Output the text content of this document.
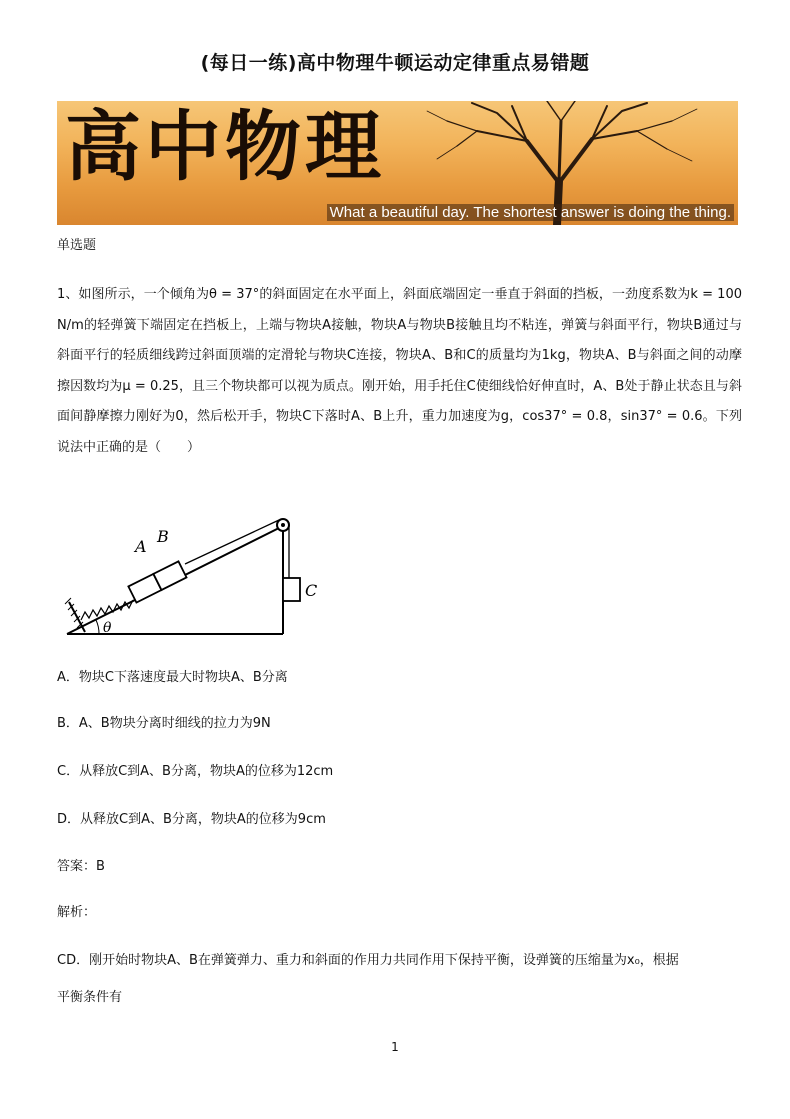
(每日一练)高中物理牛顿运动定律重点易错题
高中物理
What a beautiful day. The shortest answer is doing the thing.
单选题
1、如图所示，一个倾角为θ = 37°的斜面固定在水平面上，斜面底端固定一垂直于斜面的挡板，一劲度系数为k = 100 N/m的轻弹簧下端固定在挡板上，上端与物块A接触，物块A与物块B接触且均不粘连，弹簧与斜面平行，物块B通过与斜面平行的轻质细线跨过斜面顶端的定滑轮与物块C连接，物块A、B和C的质量均为1kg，物块A、B与斜面之间的动摩擦因数均为μ = 0.25，且三个物块都可以视为质点。刚开始，用手托住C使细线恰好伸直时，A、B处于静止状态且与斜面间静摩擦力刚好为0，然后松开手，物块C下落时A、B上升，重力加速度为g，cos37° = 0.8，sin37° = 0.6。下列说法中正确的是（　　）
A
B
C
θ
A．物块C下落速度最大时物块A、B分离
B．A、B物块分离时细线的拉力为9N
C．从释放C到A、B分离，物块A的位移为12cm
D．从释放C到A、B分离，物块A的位移为9cm
答案：B
解析：
CD．刚开始时物块A、B在弹簧弹力、重力和斜面的作用力共同作用下保持平衡，设弹簧的压缩量为x₀，根据
平衡条件有
1
